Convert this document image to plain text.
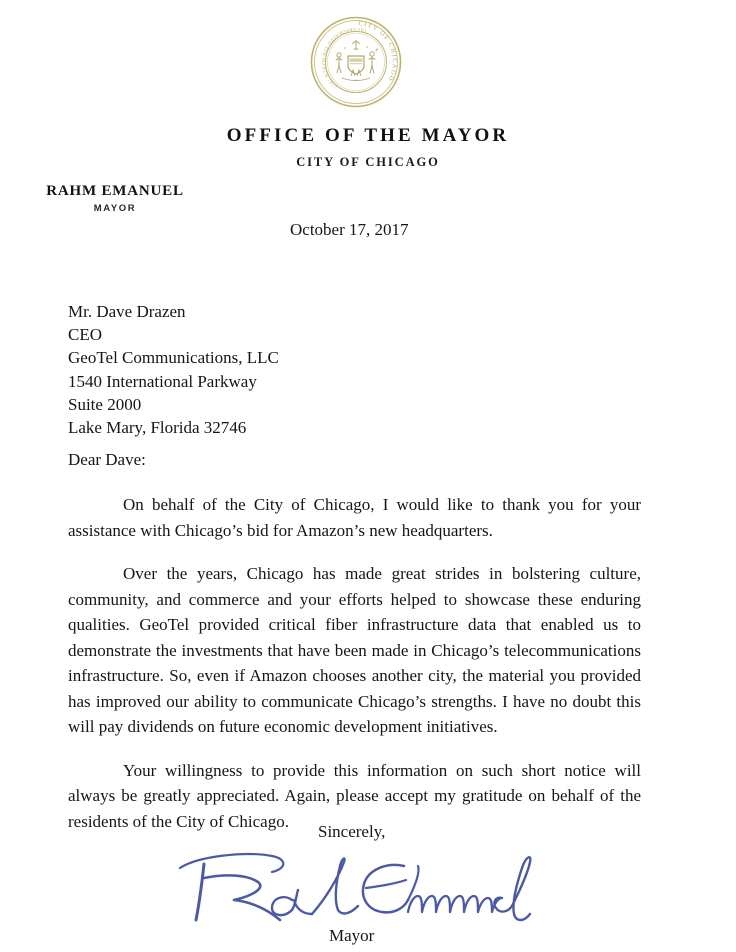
CITY OF CHICAGO
INCORPORATED 4TH MARCH 1837
OFFICE OF THE MAYOR
CITY OF CHICAGO
RAHM EMANUEL
MAYOR
October 17, 2017
Mr. Dave Drazen
CEO
GeoTel Communications, LLC
1540 International Parkway
Suite 2000
Lake Mary, Florida 32746
Dear Dave:

On behalf of the City of Chicago, I would like to thank you for your assistance with Chicago’s bid for Amazon’s new headquarters.

Over the years, Chicago has made great strides in bolstering culture, community, and commerce and your efforts helped to showcase these enduring qualities. GeoTel provided critical fiber infrastructure data that enabled us to demonstrate the investments that have been made in Chicago’s telecommunications infrastructure. So, even if Amazon chooses another city, the material you provided has improved our ability to communicate Chicago’s strengths. I have no doubt this will pay dividends on future economic development initiatives.

Your willingness to provide this information on such short notice will always be greatly appreciated. Again, please accept my gratitude on behalf of the residents of the City of Chicago.

Sincerely,
Mayor
